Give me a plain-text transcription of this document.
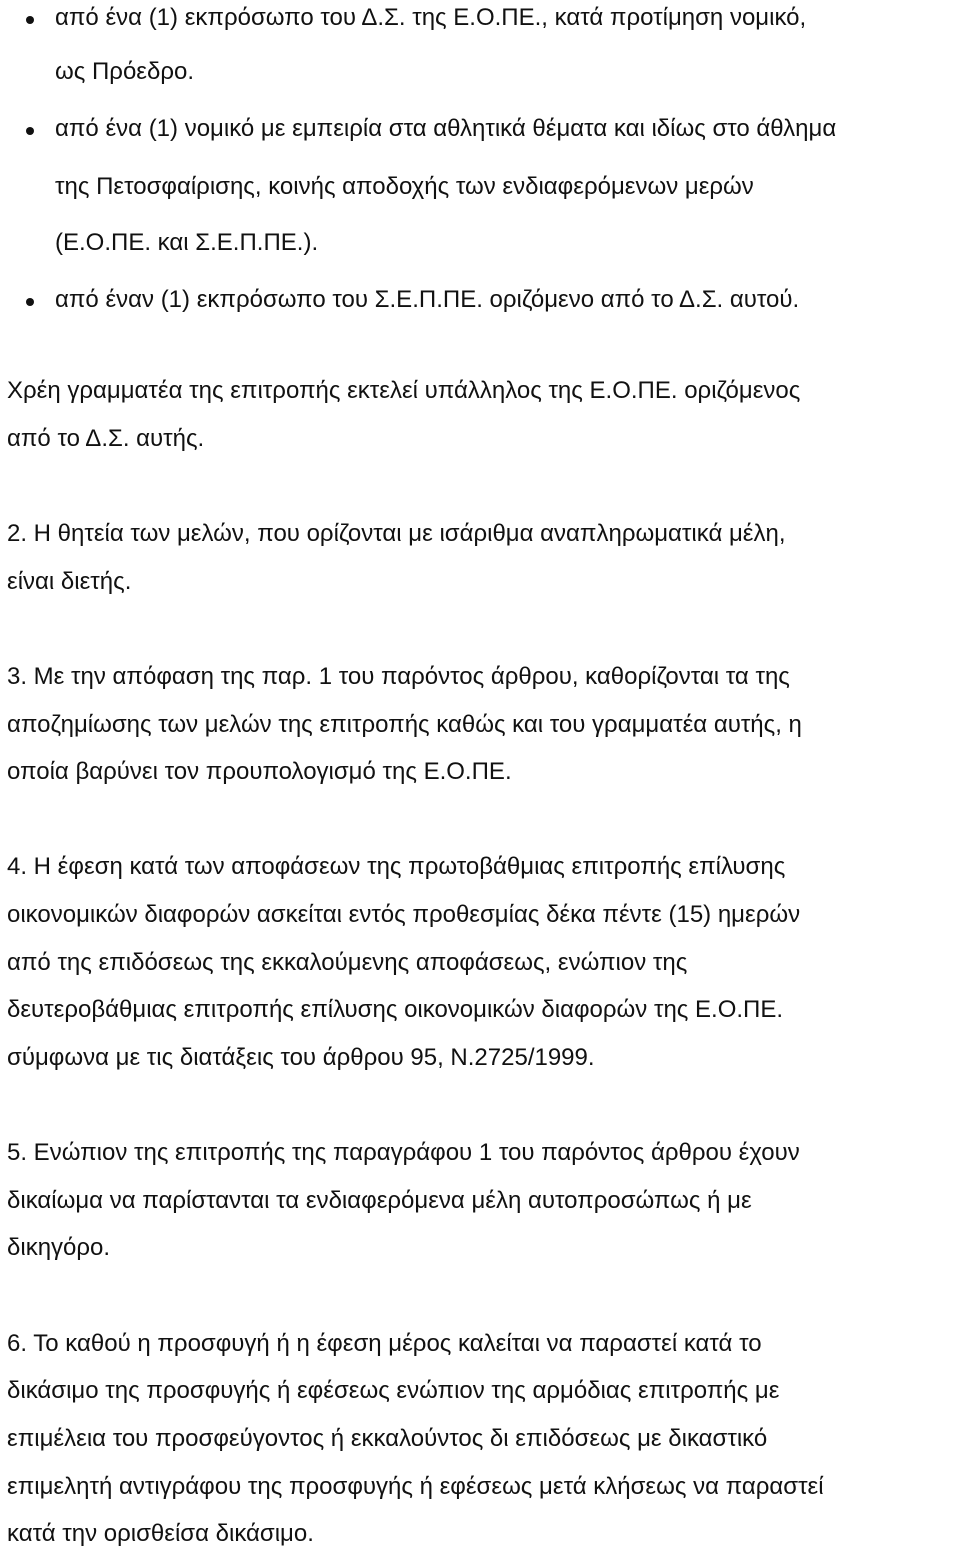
από ένα (1) εκπρόσωπο του Δ.Σ. της Ε.Ο.ΠΕ., κατά προτίμηση νομικό,
ως Πρόεδρο.
από ένα (1) νομικό με εμπειρία στα αθλητικά θέματα και ιδίως στο άθλημα
της Πετοσφαίρισης, κοινής αποδοχής των ενδιαφερόμενων μερών
(Ε.Ο.ΠΕ. και Σ.Ε.Π.ΠΕ.).
από έναν (1) εκπρόσωπο του Σ.Ε.Π.ΠΕ. οριζόμενο από το Δ.Σ. αυτού.
Χρέη γραμματέα της επιτροπής εκτελεί υπάλληλος της Ε.Ο.ΠΕ. οριζόμενος
από το Δ.Σ. αυτής.
2. Η θητεία των μελών, που ορίζονται με ισάριθμα αναπληρωματικά μέλη,
είναι διετής.
3. Με την απόφαση της παρ. 1 του παρόντος άρθρου, καθορίζονται τα της
αποζημίωσης των μελών της επιτροπής καθώς και του γραμματέα αυτής, η
οποία βαρύνει τον προυπολογισμό της Ε.Ο.ΠΕ.
4. Η έφεση κατά των αποφάσεων της πρωτοβάθμιας επιτροπής επίλυσης
οικονομικών διαφορών ασκείται εντός προθεσμίας δέκα πέντε (15) ημερών
από της επιδόσεως της εκκαλούμενης αποφάσεως, ενώπιον της
δευτεροβάθμιας επιτροπής επίλυσης οικονομικών διαφορών της Ε.Ο.ΠΕ.
σύμφωνα με τις διατάξεις του άρθρου 95, Ν.2725/1999.
5. Ενώπιον της επιτροπής της παραγράφου 1 του παρόντος άρθρου έχουν
δικαίωμα να παρίστανται τα ενδιαφερόμενα μέλη αυτοπροσώπως ή με
δικηγόρο.
6. Το καθού η προσφυγή ή η έφεση μέρος καλείται να παραστεί κατά το
δικάσιμο της προσφυγής ή εφέσεως ενώπιον της αρμόδιας επιτροπής με
επιμέλεια του προσφεύγοντος ή εκκαλούντος δι επιδόσεως με δικαστικό
επιμελητή αντιγράφου της προσφυγής ή εφέσεως μετά κλήσεως να παραστεί
κατά την ορισθείσα δικάσιμο.
